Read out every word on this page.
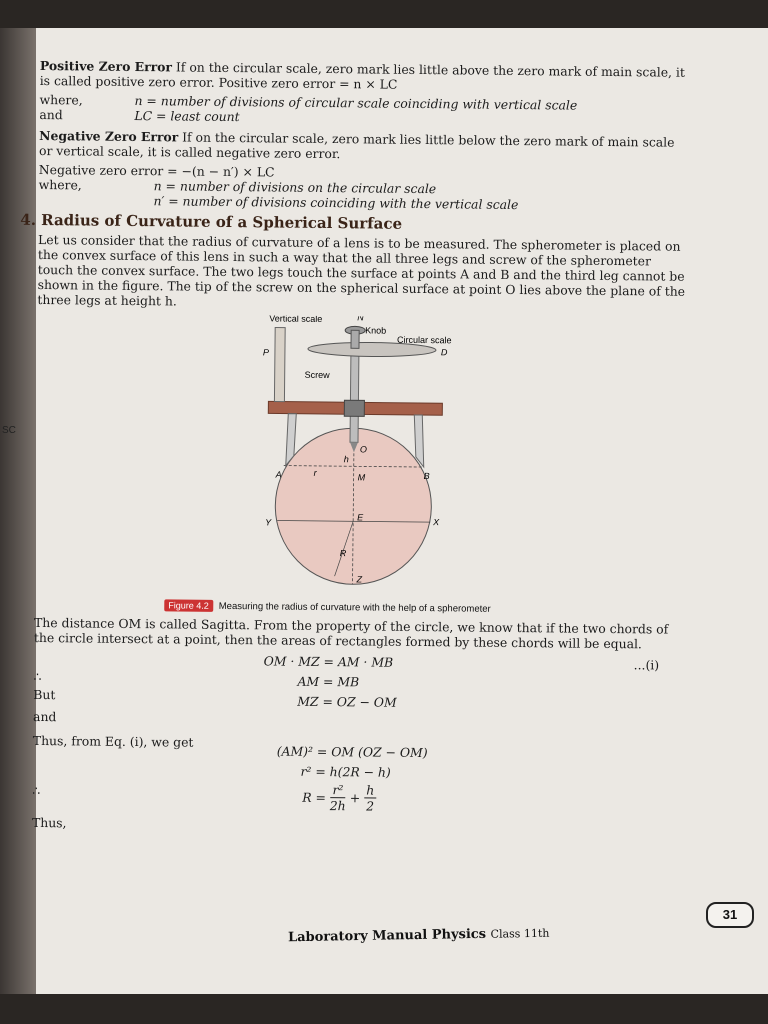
SC

Positive Zero Error If on the circular scale, zero mark lies little above the zero mark of main scale, it is called positive zero error. Positive zero error = n × LC

where,	n = number of divisions of circular scale coinciding with vertical scale
and	LC = least count

Negative Zero Error If on the circular scale, zero mark lies little below the zero mark of main scale or vertical scale, it is called negative zero error.

Negative zero error = −(n − n′) × LC
where,	n = number of divisions on the circular scale
n′ = number of divisions coinciding with the vertical scale
4. Radius of Curvature of a Spherical Surface

Let us consider that the radius of curvature of a lens is to be measured. The spherometer is placed on the convex surface of this lens in such a way that the all three legs and screw of the spherometer touch the convex surface. The two legs touch the surface at points A and B and the third leg cannot be shown in the figure. The tip of the screw on the spherical surface at point O lies above the plane of the three legs at height h.

Vertical scale	N
Knob
Circular scale
P	D
Screw
O
h
A	B
M
r
Y	X
E
R
Z
Figure 4.2 Measuring the radius of curvature with the help of a spherometer

The distance OM is called Sagitta. From the property of the circle, we know that if the two chords of the circle intersect at a point, then the areas of rectangles formed by these chords will be equal.

OM · MZ = AM · MB	...(i)
∴	AM = MB
But	MZ = OZ − OM
and
Thus, from Eq. (i), we get
(AM)² = OM (OZ − OM)
r² = h(2R − h)
∴	$R = \frac{\text{r²}}{2h} + \frac{h}{2}$
Thus,
31
Laboratory Manual Physics Class 11th
